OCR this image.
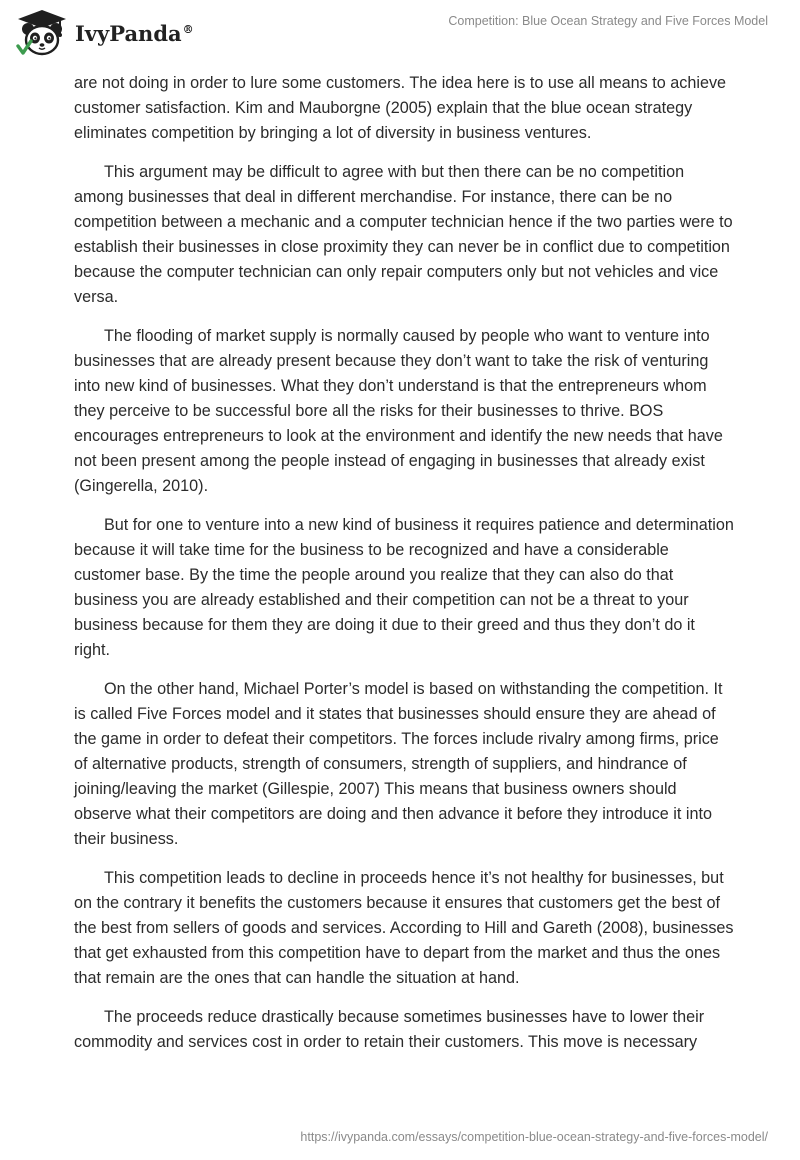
IvyPanda®
Competition: Blue Ocean Strategy and Five Forces Model

are not doing in order to lure some customers. The idea here is to use all means to achieve customer satisfaction. Kim and Mauborgne (2005) explain that the blue ocean strategy eliminates competition by bringing a lot of diversity in business ventures.

This argument may be difficult to agree with but then there can be no competition among businesses that deal in different merchandise. For instance, there can be no competition between a mechanic and a computer technician hence if the two parties were to establish their businesses in close proximity they can never be in conflict due to competition because the computer technician can only repair computers only but not vehicles and vice versa.

The flooding of market supply is normally caused by people who want to venture into businesses that are already present because they don’t want to take the risk of venturing into new kind of businesses. What they don’t understand is that the entrepreneurs whom they perceive to be successful bore all the risks for their businesses to thrive. BOS encourages entrepreneurs to look at the environment and identify the new needs that have not been present among the people instead of engaging in businesses that already exist (Gingerella, 2010).

But for one to venture into a new kind of business it requires patience and determination because it will take time for the business to be recognized and have a considerable customer base. By the time the people around you realize that they can also do that business you are already established and their competition can not be a threat to your business because for them they are doing it due to their greed and thus they don’t do it right.

On the other hand, Michael Porter’s model is based on withstanding the competition. It is called Five Forces model and it states that businesses should ensure they are ahead of the game in order to defeat their competitors. The forces include rivalry among firms, price of alternative products, strength of consumers, strength of suppliers, and hindrance of joining/leaving the market (Gillespie, 2007) This means that business owners should observe what their competitors are doing and then advance it before they introduce it into their business.

This competition leads to decline in proceeds hence it’s not healthy for businesses, but on the contrary it benefits the customers because it ensures that customers get the best of the best from sellers of goods and services. According to Hill and Gareth (2008), businesses that get exhausted from this competition have to depart from the market and thus the ones that remain are the ones that can handle the situation at hand.

The proceeds reduce drastically because sometimes businesses have to lower their commodity and services cost in order to retain their customers. This move is necessary

https://ivypanda.com/essays/competition-blue-ocean-strategy-and-five-forces-model/
